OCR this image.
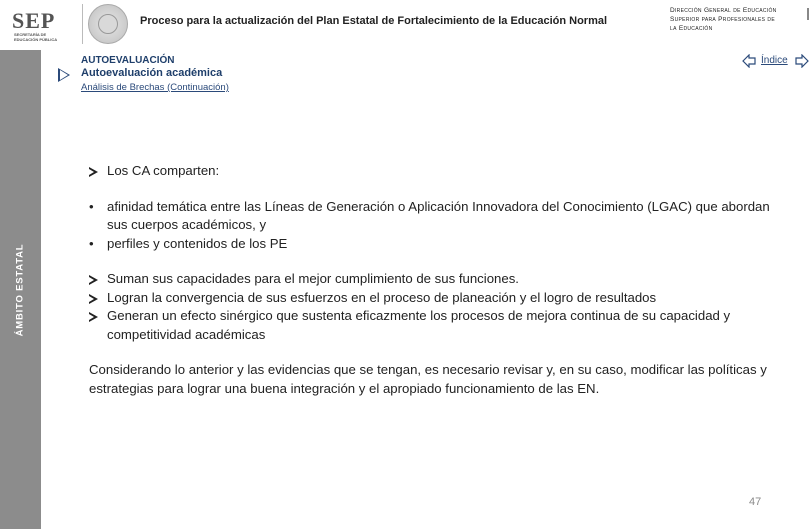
SEP
SECRETARÍA DE
EDUCACIÓN PÚBLICA
Proceso para la actualización del Plan Estatal de Fortalecimiento de la Educación Normal
Dirección General de Educación
Superior para Profesionales de
la Educación
ÁMBITO ESTATAL
AUTOEVALUACIÓN
Autoevaluación académica
Análisis de Brechas (Continuación)
Índice
Los CA comparten:
• afinidad temática entre las Líneas de Generación o Aplicación Innovadora del Conocimiento (LGAC) que abordan sus cuerpos académicos, y
• perfiles y contenidos de los PE
Suman sus capacidades para el mejor cumplimiento de sus funciones.
Logran la convergencia de sus esfuerzos en el proceso de planeación y el logro de resultados
Generan un efecto sinérgico que sustenta eficazmente los procesos de mejora continua de su capacidad y competitividad académicas
Considerando lo anterior y las evidencias que se tengan, es necesario revisar y, en su caso, modificar las políticas y estrategias para lograr una buena integración y el apropiado funcionamiento de las EN.
47
